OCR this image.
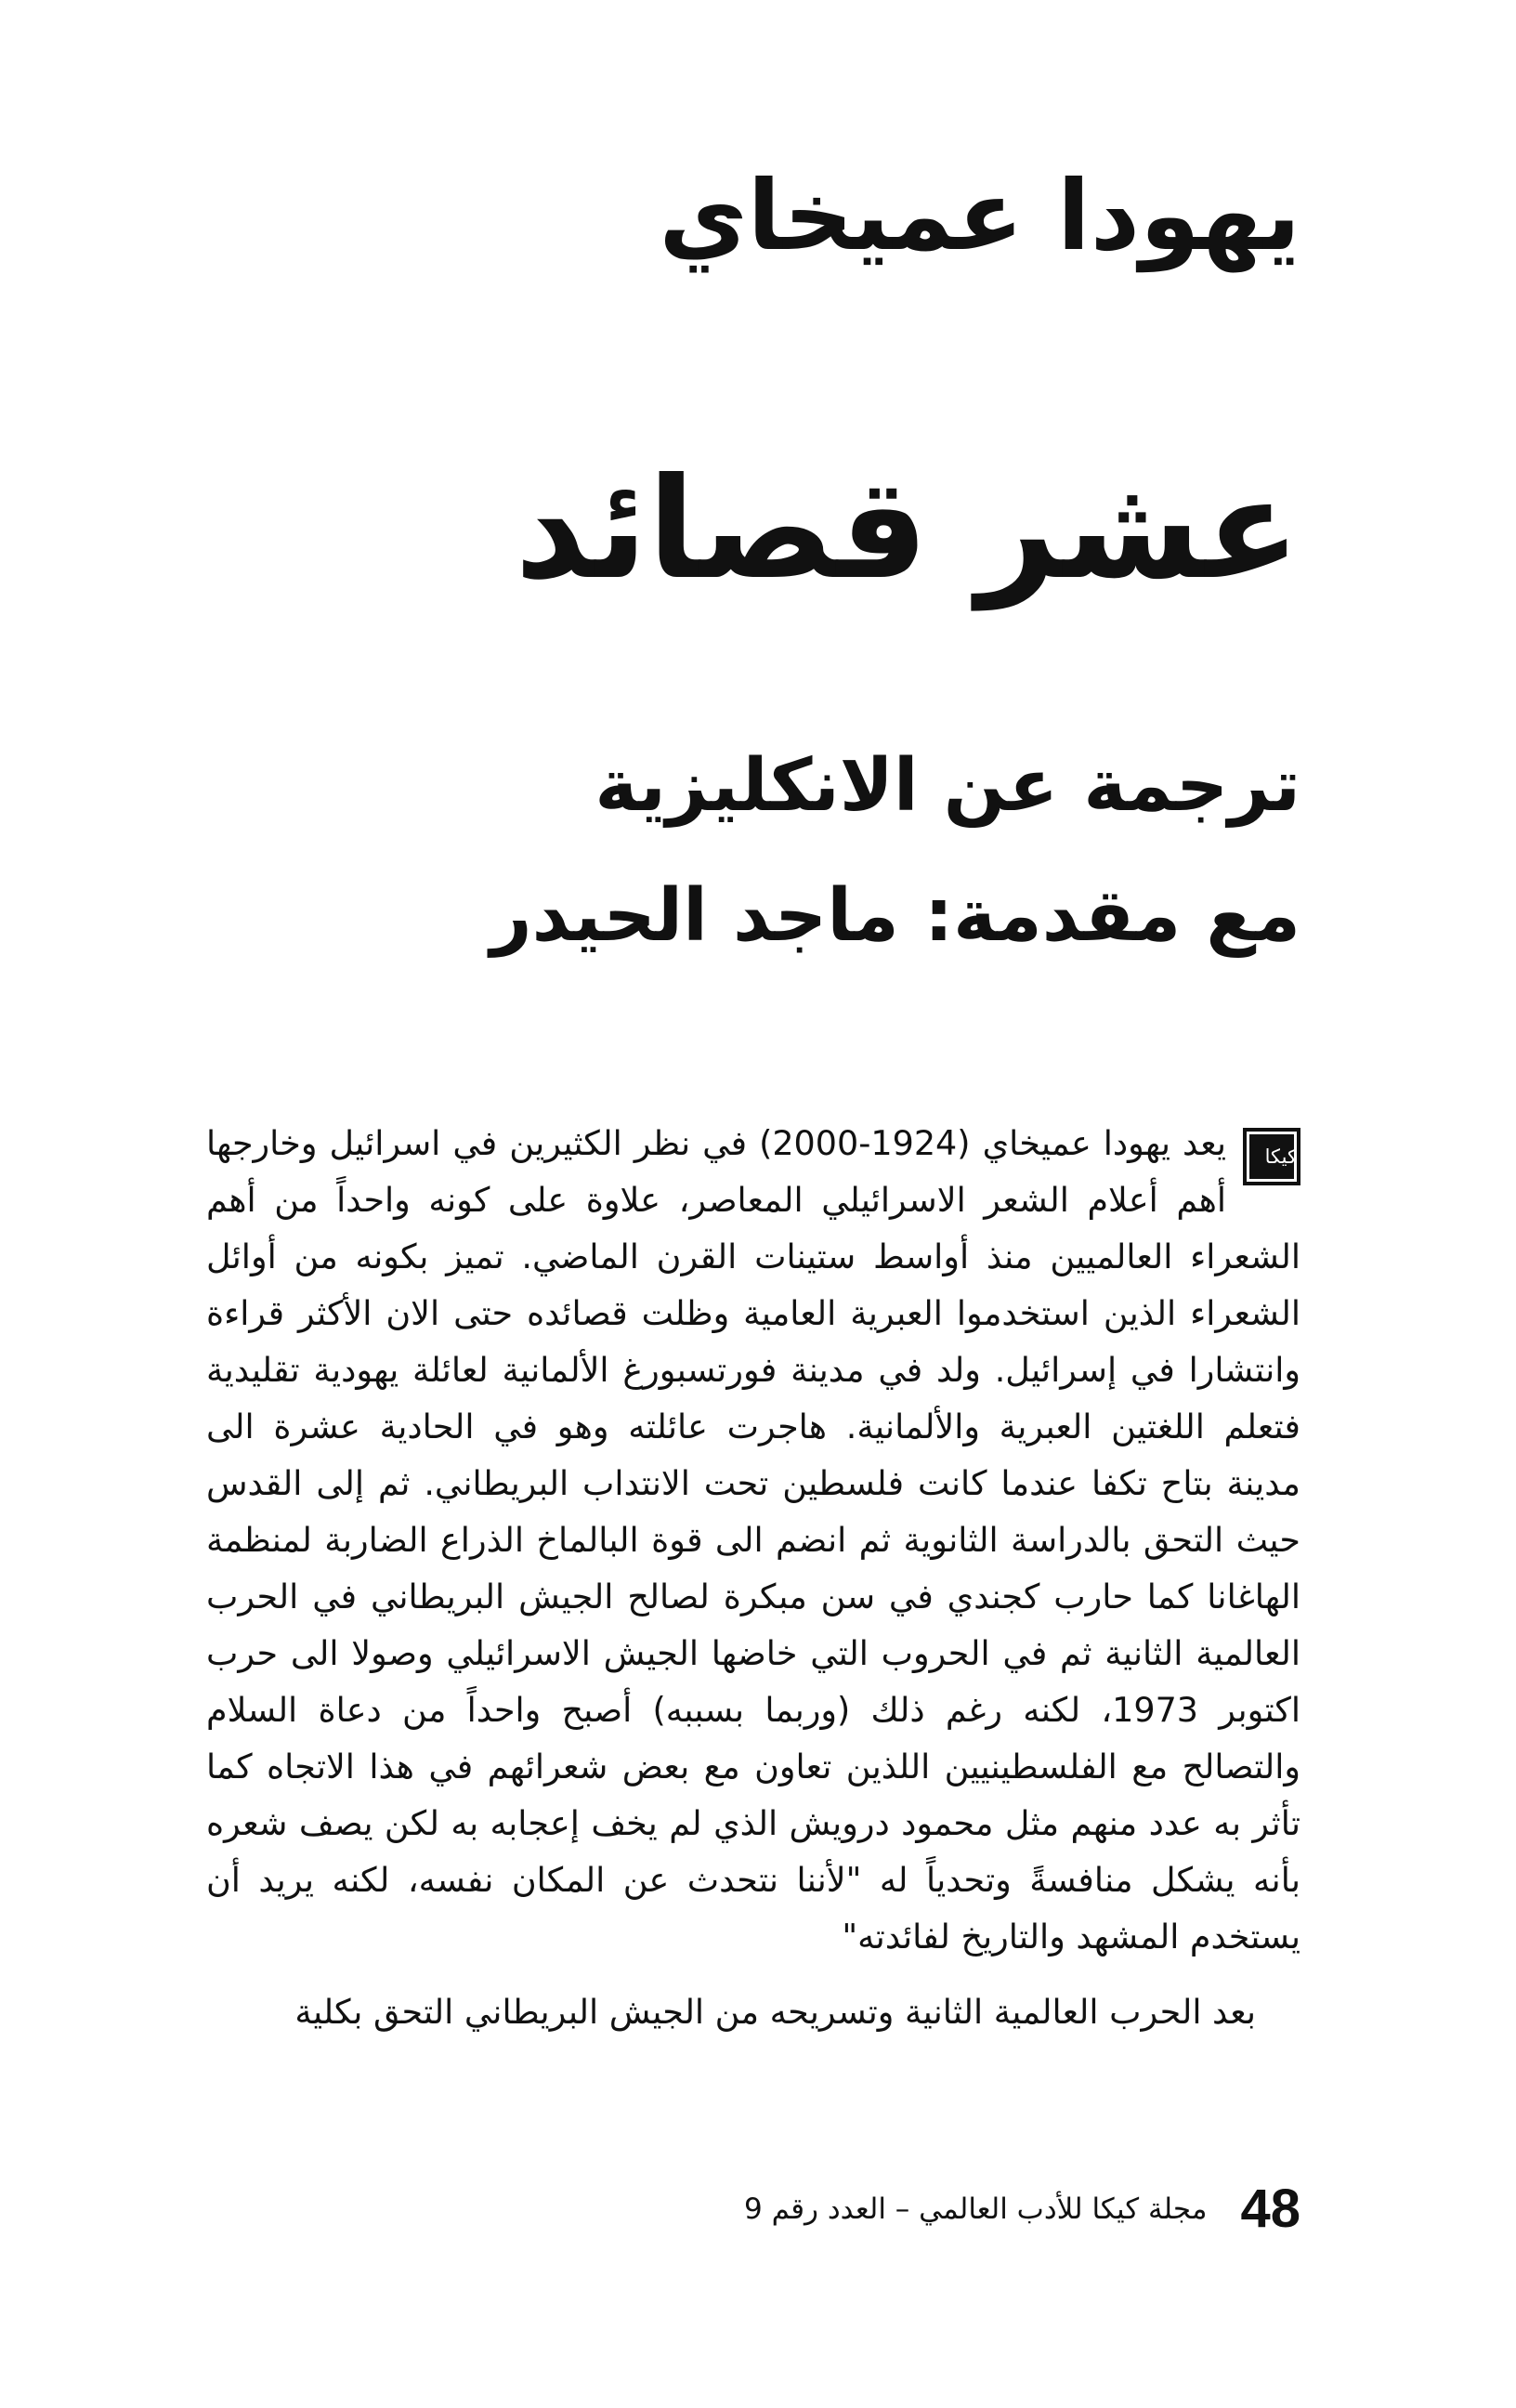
يهودا عميخاي
عشر قصائد
ترجمة عن الانكليزية
مع مقدمة: ماجد الحيدر

كيكا
يعد يهودا عميخاي (1924-2000) في نظر الكثيرين في اسرائيل وخارجها أهم أعلام الشعر الاسرائيلي المعاصر، علاوة على كونه واحداً من أهم الشعراء العالميين منذ أواسط ستينات القرن الماضي. تميز بكونه من أوائل الشعراء الذين استخدموا العبرية العامية وظلت قصائده حتى الان الأكثر قراءة وانتشارا في إسرائيل. ولد في مدينة فورتسبورغ الألمانية لعائلة يهودية تقليدية فتعلم اللغتين العبرية والألمانية. هاجرت عائلته وهو في الحادية عشرة الى مدينة بتاح تكفا عندما كانت فلسطين تحت الانتداب البريطاني. ثم إلى القدس حيث التحق بالدراسة الثانوية ثم انضم الى قوة البالماخ الذراع الضاربة لمنظمة الهاغانا كما حارب كجندي في سن مبكرة لصالح الجيش البريطاني في الحرب العالمية الثانية ثم في الحروب التي خاضها الجيش الاسرائيلي وصولا الى حرب اكتوبر 1973، لكنه رغم ذلك (وربما بسببه) أصبح واحداً من دعاة السلام والتصالح مع الفلسطينيين اللذين تعاون مع بعض شعرائهم في هذا الاتجاه كما تأثر به عدد منهم مثل محمود درويش الذي لم يخف إعجابه به لكن يصف شعره بأنه يشكل منافسةً وتحدياً له "لأننا نتحدث عن المكان نفسه، لكنه يريد أن يستخدم المشهد والتاريخ لفائدته"

بعد الحرب العالمية الثانية وتسريحه من الجيش البريطاني التحق بكلية

48
مجلة كيكا للأدب العالمي – العدد رقم 9
